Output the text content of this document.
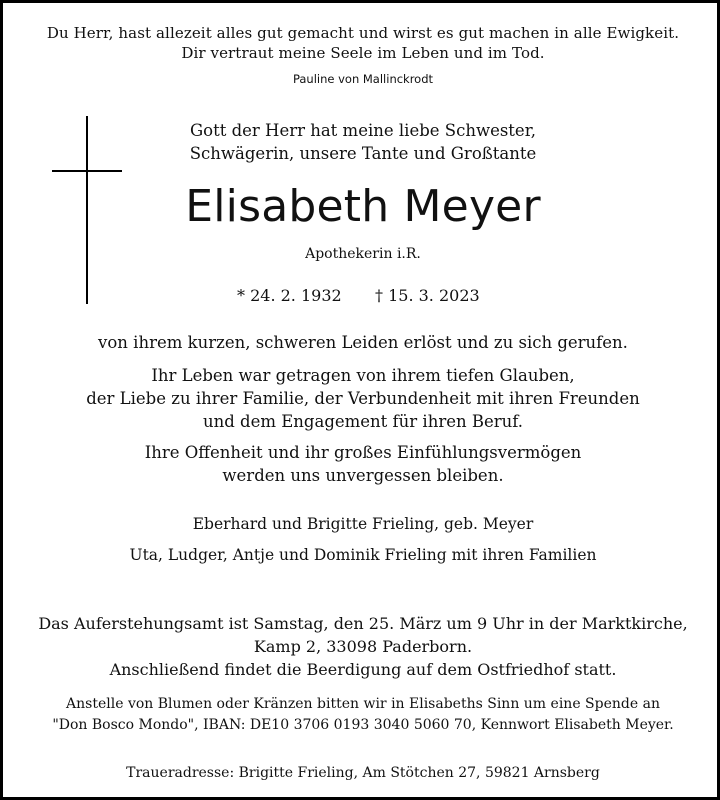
Du Herr, hast allezeit alles gut gemacht und wirst es gut machen in alle Ewigkeit.
Dir vertraut meine Seele im Leben und im Tod.
Pauline von Mallinckrodt
Gott der Herr hat meine liebe Schwester,
Schwägerin, unsere Tante und Großtante
Elisabeth Meyer
Apothekerin i.R.
* 24. 2. 1932 † 15. 3. 2023
von ihrem kurzen, schweren Leiden erlöst und zu sich gerufen.
Ihr Leben war getragen von ihrem tiefen Glauben,
der Liebe zu ihrer Familie, der Verbundenheit mit ihren Freunden
und dem Engagement für ihren Beruf.
Ihre Offenheit und ihr großes Einfühlungsvermögen
werden uns unvergessen bleiben.
Eberhard und Brigitte Frieling, geb. Meyer
Uta, Ludger, Antje und Dominik Frieling mit ihren Familien
Das Auferstehungsamt ist Samstag, den 25. März um 9 Uhr in der Marktkirche,
Kamp 2, 33098 Paderborn.
Anschließend findet die Beerdigung auf dem Ostfriedhof statt.
Anstelle von Blumen oder Kränzen bitten wir in Elisabeths Sinn um eine Spende an
"Don Bosco Mondo", IBAN: DE10 3706 0193 3040 5060 70, Kennwort Elisabeth Meyer.
Traueradresse: Brigitte Frieling, Am Stötchen 27, 59821 Arnsberg
